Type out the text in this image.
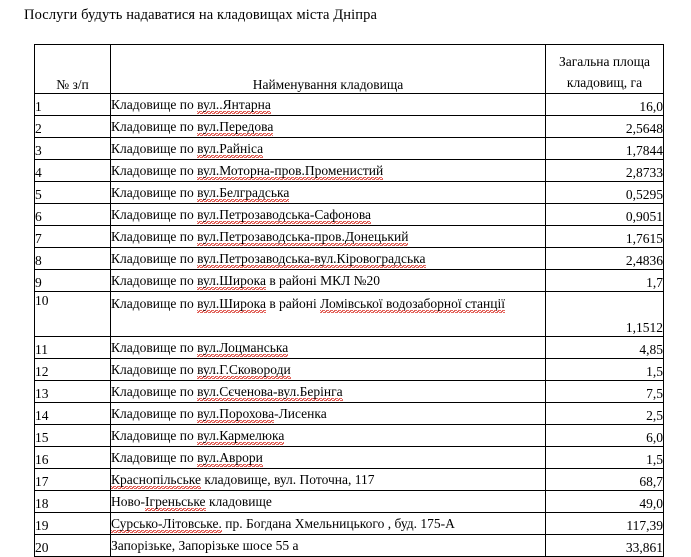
Послуги будуть надаватися на кладовищах міста Дніпра
№ з/п	Найменування кладовища	Загальна площа
кладовищ, га

1	Кладовище по вул..Янтарна	16,0
2	Кладовище по вул.Передова	2,5648
3	Кладовище по вул.Райніса	1,7844
4	Кладовище по вул.Моторна-пров.Променистий	2,8733
5	Кладовище по вул.Белградська	0,5295
6	Кладовище по вул.Петрозаводська-Сафонова	0,9051
7	Кладовище по вул.Петрозаводська-пров.Донецький	1,7615
8	Кладовище по вул.Петрозаводська-вул.Кіровоградська	2,4836
9	Кладовище по вул.Широка в районі МКЛ №20	1,7
10	Кладовище по вул.Широка в районі Ломівської водозаборної станції	1,1512
11	Кладовище по вул.Лоцманська	4,85
12	Кладовище по вул.Г.Сковороди	1,5
13	Кладовище по вул.Сєченова-вул.Берінга	7,5
14	Кладовище по вул.Порохова-Лисенка	2,5
15	Кладовище по вул.Кармелюка	6,0
16	Кладовище по вул.Аврори	1,5
17	Краснопільське кладовище, вул. Поточна, 117	68,7
18	Ново-Ігреньське кладовище	49,0
19	Сурсько-Літовське. пр. Богдана Хмельницького , буд. 175-А	117,39
20	Запорізьке, Запорізьке шосе 55 а	33,861
